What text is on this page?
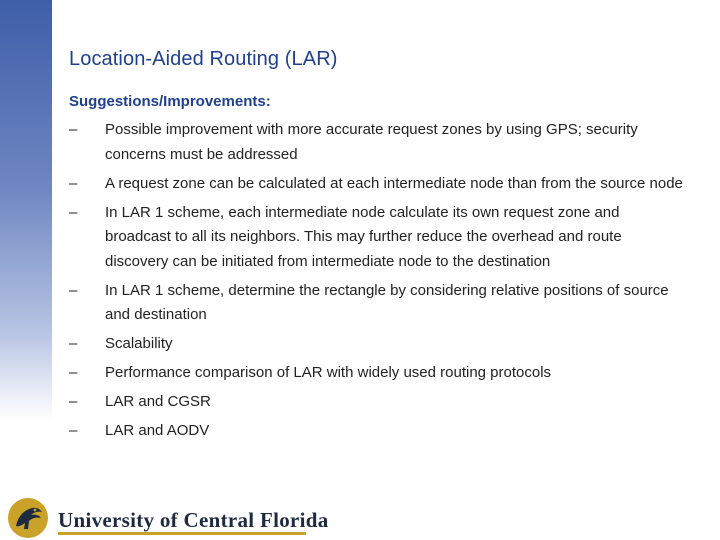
Location-Aided Routing (LAR)
Suggestions/Improvements:
– Possible improvement with more accurate request zones by using GPS; security concerns must be addressed
– A request zone can be calculated at each intermediate node than from the source node
– In LAR 1 scheme, each intermediate node calculate its own request zone and broadcast to all its neighbors. This may further reduce the overhead and route discovery can be initiated from intermediate node to the destination
– In LAR 1 scheme, determine the rectangle by considering relative positions of source and destination
– Scalability
– Performance comparison of LAR with widely used routing protocols
– LAR and CGSR
– LAR and AODV
University of Central Florida
